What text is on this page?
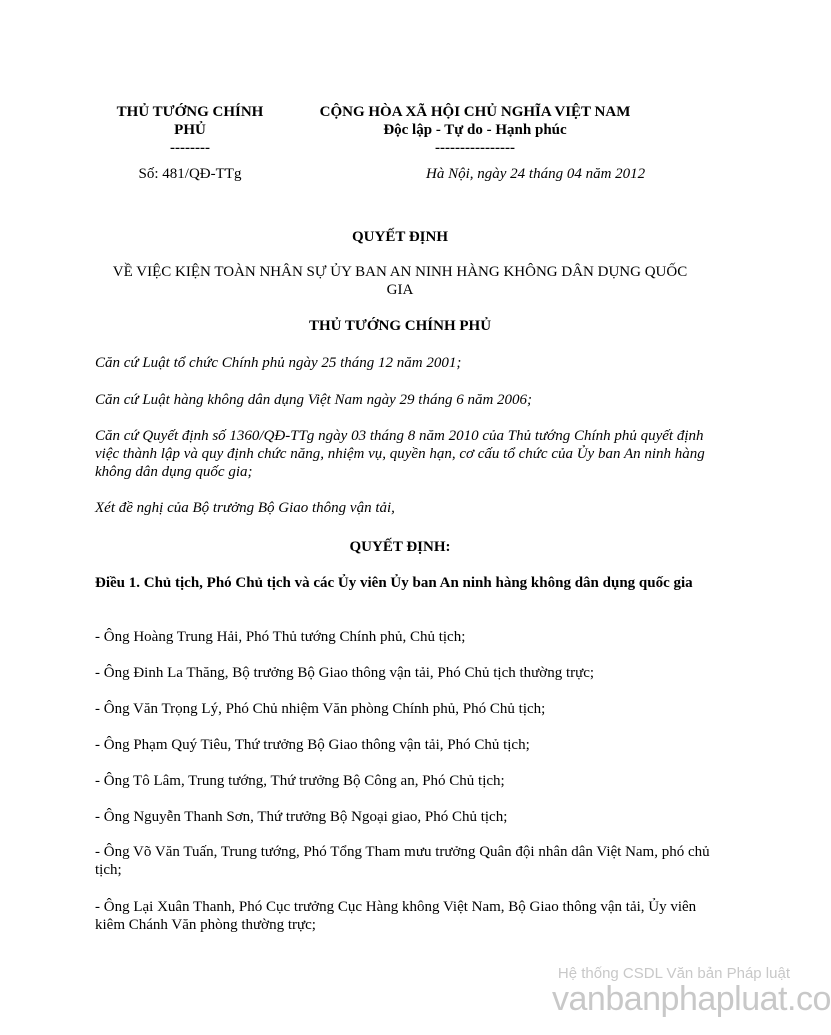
THỦ TƯỚNG CHÍNH
PHỦ
--------
Số: 481/QĐ-TTg
CỘNG HÒA XÃ HỘI CHỦ NGHĨA VIỆT NAM
Độc lập - Tự do - Hạnh phúc
----------------
Hà Nội, ngày 24 tháng 04 năm 2012
QUYẾT ĐỊNH
VỀ VIỆC KIỆN TOÀN NHÂN SỰ ỦY BAN AN NINH HÀNG KHÔNG DÂN DỤNG QUỐC
GIA
THỦ TƯỚNG CHÍNH PHỦ
Căn cứ Luật tổ chức Chính phủ ngày 25 tháng 12 năm 2001;
Căn cứ Luật hàng không dân dụng Việt Nam ngày 29 tháng 6 năm 2006;
Căn cứ Quyết định số 1360/QĐ-TTg ngày 03 tháng 8 năm 2010 của Thủ tướng Chính phủ quyết định việc thành lập và quy định chức năng, nhiệm vụ, quyền hạn, cơ cấu tổ chức của Ủy ban An ninh hàng không dân dụng quốc gia;
Xét đề nghị của Bộ trưởng Bộ Giao thông vận tải,
QUYẾT ĐỊNH:
Điều 1. Chủ tịch, Phó Chủ tịch và các Ủy viên Ủy ban An ninh hàng không dân dụng quốc gia
- Ông Hoàng Trung Hải, Phó Thủ tướng Chính phủ, Chủ tịch;
- Ông Đinh La Thăng, Bộ trưởng Bộ Giao thông vận tải, Phó Chủ tịch thường trực;
- Ông Văn Trọng Lý, Phó Chủ nhiệm Văn phòng Chính phủ, Phó Chủ tịch;
- Ông Phạm Quý Tiêu, Thứ trưởng Bộ Giao thông vận tải, Phó Chủ tịch;
- Ông Tô Lâm, Trung tướng, Thứ trưởng Bộ Công an, Phó Chủ tịch;
- Ông Nguyễn Thanh Sơn, Thứ trưởng Bộ Ngoại giao, Phó Chủ tịch;
- Ông Võ Văn Tuấn, Trung tướng, Phó Tổng Tham mưu trưởng Quân đội nhân dân Việt Nam, phó chủ tịch;
- Ông Lại Xuân Thanh, Phó Cục trưởng Cục Hàng không Việt Nam, Bộ Giao thông vận tải, Ủy viên kiêm Chánh Văn phòng thường trực;
Hệ thống CSDL Văn bản Pháp luật
vanbanphapluat.co
